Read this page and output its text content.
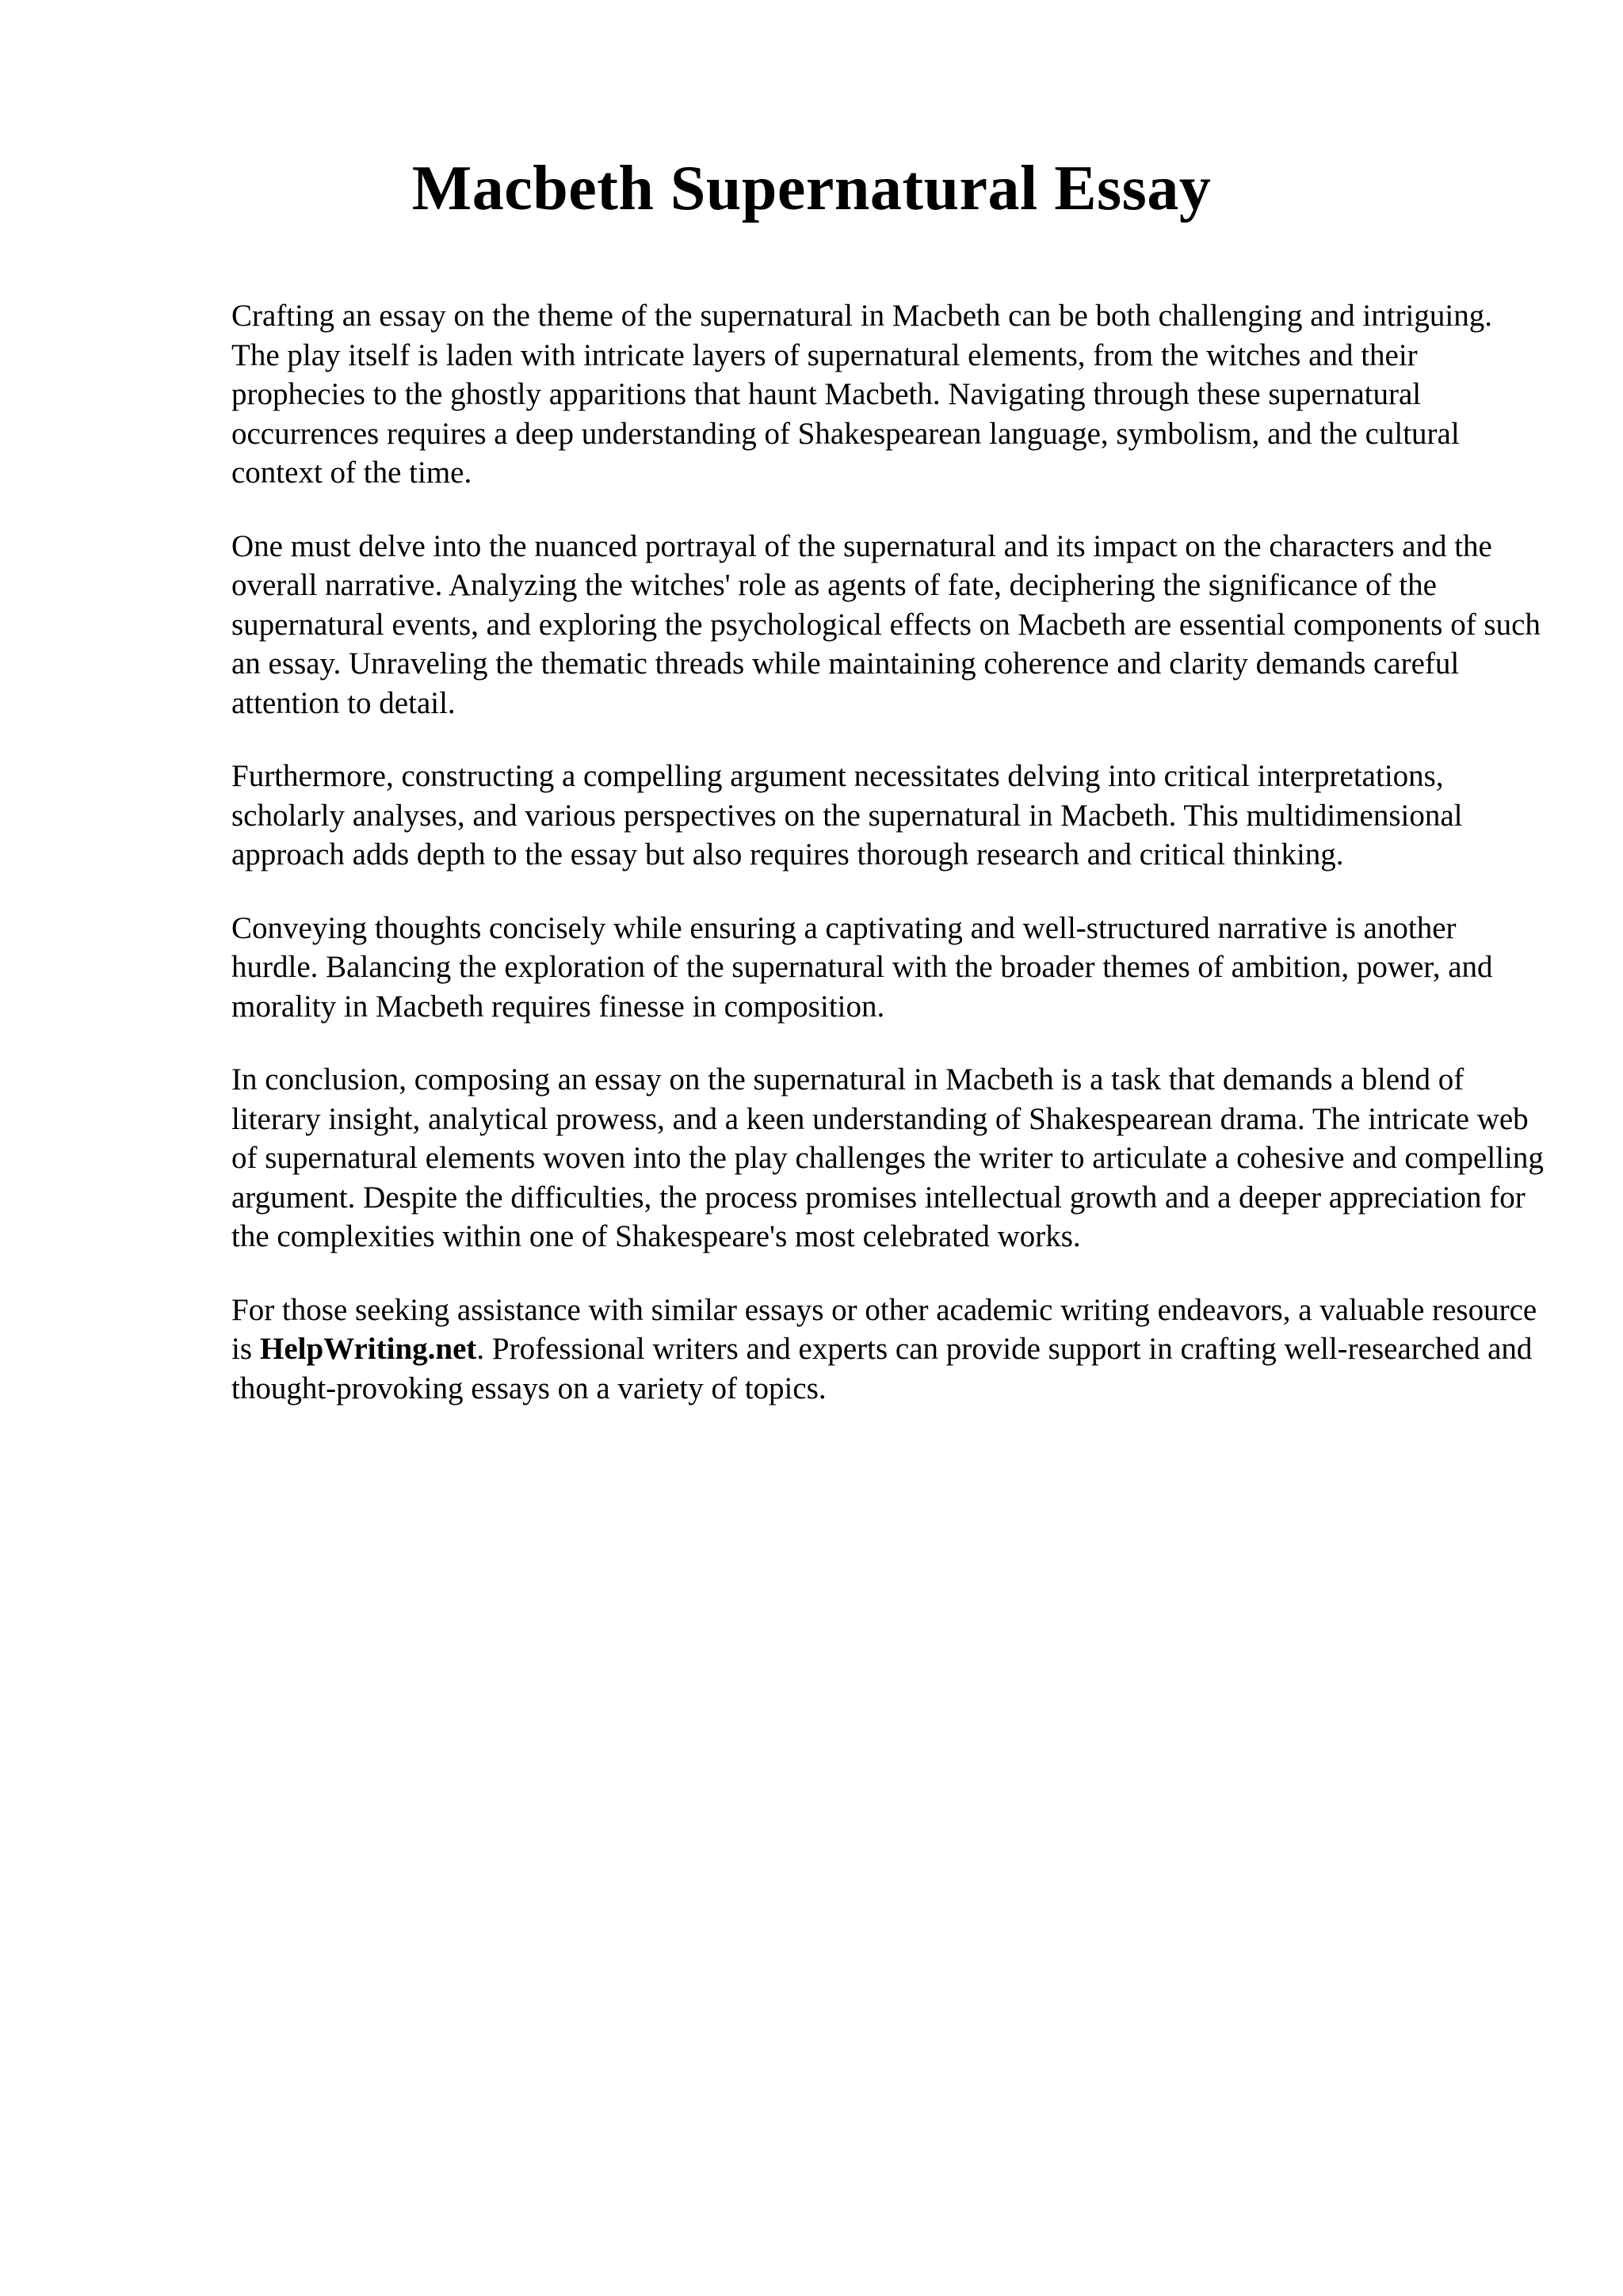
Macbeth Supernatural Essay

Crafting an essay on the theme of the supernatural in Macbeth can be both challenging and intriguing. The play itself is laden with intricate layers of supernatural elements, from the witches and their prophecies to the ghostly apparitions that haunt Macbeth. Navigating through these supernatural occurrences requires a deep understanding of Shakespearean language, symbolism, and the cultural context of the time.

One must delve into the nuanced portrayal of the supernatural and its impact on the characters and the overall narrative. Analyzing the witches' role as agents of fate, deciphering the significance of the supernatural events, and exploring the psychological effects on Macbeth are essential components of such an essay. Unraveling the thematic threads while maintaining coherence and clarity demands careful attention to detail.

Furthermore, constructing a compelling argument necessitates delving into critical interpretations, scholarly analyses, and various perspectives on the supernatural in Macbeth. This multidimensional approach adds depth to the essay but also requires thorough research and critical thinking.

Conveying thoughts concisely while ensuring a captivating and well-structured narrative is another hurdle. Balancing the exploration of the supernatural with the broader themes of ambition, power, and morality in Macbeth requires finesse in composition.

In conclusion, composing an essay on the supernatural in Macbeth is a task that demands a blend of literary insight, analytical prowess, and a keen understanding of Shakespearean drama. The intricate web of supernatural elements woven into the play challenges the writer to articulate a cohesive and compelling argument. Despite the difficulties, the process promises intellectual growth and a deeper appreciation for the complexities within one of Shakespeare's most celebrated works.

For those seeking assistance with similar essays or other academic writing endeavors, a valuable resource is HelpWriting.net. Professional writers and experts can provide support in crafting well-researched and thought-provoking essays on a variety of topics.
